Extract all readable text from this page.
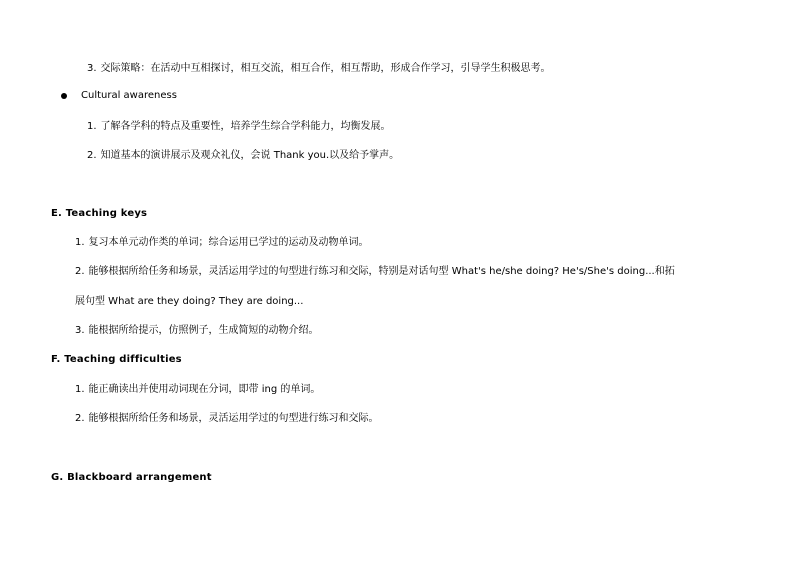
3. 交际策略：在活动中互相探讨，相互交流，相互合作，相互帮助，形成合作学习，引导学生积极思考。
Cultural awareness
1. 了解各学科的特点及重要性，培养学生综合学科能力，均衡发展。
2. 知道基本的演讲展示及观众礼仪，会说 Thank you.以及给予掌声。
E. Teaching keys
1. 复习本单元动作类的单词；综合运用已学过的运动及动物单词。
2. 能够根据所给任务和场景，灵活运用学过的句型进行练习和交际，特别是对话句型 What's he/she doing? He's/She's doing...和拓
展句型 What are they doing? They are doing...
3. 能根据所给提示，仿照例子，生成简短的动物介绍。
F. Teaching difficulties
1. 能正确读出并使用动词现在分词，即带 ing 的单词。
2. 能够根据所给任务和场景，灵活运用学过的句型进行练习和交际。
G. Blackboard arrangement
